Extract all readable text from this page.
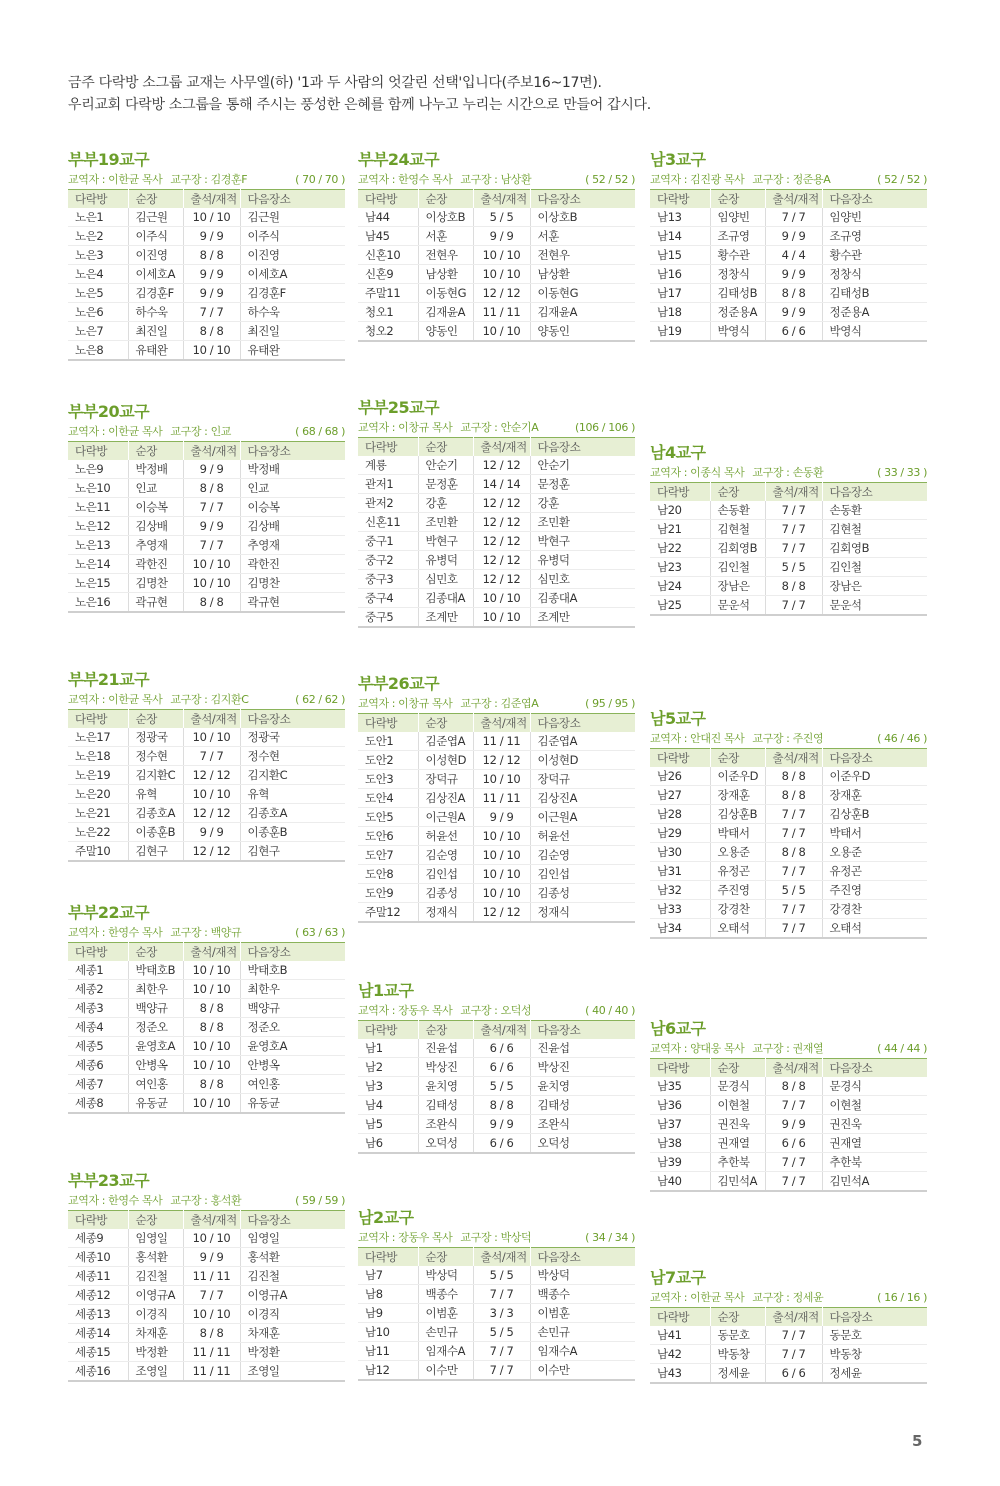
금주 다락방 소그룹 교재는 사무엘(하) '1과 두 사람의 엇갈린 선택'입니다(주보16~17면).
우리교회 다락방 소그룹을 통해 주시는 풍성한 은혜를 함께 나누고 누리는 시간으로 만들어 갑시다.
부부19교구
교역자 : 이한균 목사 교구장 : 김경훈F	( 70 / 70 )
다락방	순장	출석/재적	다음장소
노은1	김근원	10 / 10	김근원
노은2	이주식	9 / 9	이주식
노은3	이진영	8 / 8	이진영
노은4	이세호A	9 / 9	이세호A
노은5	김경훈F	9 / 9	김경훈F
노은6	하수욱	7 / 7	하수욱
노은7	최진일	8 / 8	최진일
노은8	유태완	10 / 10	유태완
부부20교구
교역자 : 이한균 목사 교구장 : 인교	( 68 / 68 )
다락방	순장	출석/재적	다음장소
노은9	박정배	9 / 9	박정배
노은10	인교	8 / 8	인교
노은11	이승복	7 / 7	이승복
노은12	김상배	9 / 9	김상배
노은13	추영재	7 / 7	추영재
노은14	곽한진	10 / 10	곽한진
노은15	김명찬	10 / 10	김명찬
노은16	곽규현	8 / 8	곽규현
부부21교구
교역자 : 이한균 목사 교구장 : 김지환C	( 62 / 62 )
다락방	순장	출석/재적	다음장소
노은17	정광국	10 / 10	정광국
노은18	정수현	7 / 7	정수현
노은19	김지환C	12 / 12	김지환C
노은20	유혁	10 / 10	유혁
노은21	김종호A	12 / 12	김종호A
노은22	이종훈B	9 / 9	이종훈B
주말10	김현구	12 / 12	김현구
부부22교구
교역자 : 한영수 목사 교구장 : 백양규	( 63 / 63 )
다락방	순장	출석/재적	다음장소
세종1	박태호B	10 / 10	박태호B
세종2	최한우	10 / 10	최한우
세종3	백양규	8 / 8	백양규
세종4	정준오	8 / 8	정준오
세종5	윤영호A	10 / 10	윤영호A
세종6	안병옥	10 / 10	안병옥
세종7	여인홍	8 / 8	여인홍
세종8	유동균	10 / 10	유동균
부부23교구
교역자 : 한영수 목사 교구장 : 홍석환	( 59 / 59 )
다락방	순장	출석/재적	다음장소
세종9	임영일	10 / 10	임영일
세종10	홍석환	9 / 9	홍석환
세종11	김진철	11 / 11	김진철
세종12	이영규A	7 / 7	이영규A
세종13	이경직	10 / 10	이경직
세종14	차재훈	8 / 8	차재훈
세종15	박정환	11 / 11	박정환
세종16	조영일	11 / 11	조영일
부부24교구
교역자 : 한영수 목사 교구장 : 남상환	( 52 / 52 )
다락방	순장	출석/재적	다음장소
남44	이상호B	5 / 5	이상호B
남45	서훈	9 / 9	서훈
신혼10	전현우	10 / 10	전현우
신혼9	남상환	10 / 10	남상환
주말11	이동현G	12 / 12	이동현G
청오1	김재윤A	11 / 11	김재윤A
청오2	양동인	10 / 10	양동인
부부25교구
교역자 : 이창규 목사 교구장 : 안순기A	(106 / 106 )
다락방	순장	출석/재적	다음장소
계룡	안순기	12 / 12	안순기
관저1	문정훈	14 / 14	문정훈
관저2	강훈	12 / 12	강훈
신혼11	조민환	12 / 12	조민환
중구1	박현구	12 / 12	박현구
중구2	유병덕	12 / 12	유병덕
중구3	심민호	12 / 12	심민호
중구4	김종대A	10 / 10	김종대A
중구5	조계만	10 / 10	조계만
부부26교구
교역자 : 이창규 목사 교구장 : 김준엽A	( 95 / 95 )
다락방	순장	출석/재적	다음장소
도안1	김준엽A	11 / 11	김준엽A
도안2	이성현D	12 / 12	이성현D
도안3	장덕규	10 / 10	장덕규
도안4	김상진A	11 / 11	김상진A
도안5	이근원A	9 / 9	이근원A
도안6	허윤선	10 / 10	허윤선
도안7	김순영	10 / 10	김순영
도안8	김인섭	10 / 10	김인섭
도안9	김종성	10 / 10	김종성
주말12	정재식	12 / 12	정재식
남1교구
교역자 : 장동우 목사 교구장 : 오덕성	( 40 / 40 )
다락방	순장	출석/재적	다음장소
남1	진윤섭	6 / 6	진윤섭
남2	박상진	6 / 6	박상진
남3	윤치영	5 / 5	윤치영
남4	김태성	8 / 8	김태성
남5	조완식	9 / 9	조완식
남6	오덕성	6 / 6	오덕성
남2교구
교역자 : 장동우 목사 교구장 : 박상덕	( 34 / 34 )
다락방	순장	출석/재적	다음장소
남7	박상덕	5 / 5	박상덕
남8	백종수	7 / 7	백종수
남9	이범훈	3 / 3	이범훈
남10	손민규	5 / 5	손민규
남11	임재수A	7 / 7	임재수A
남12	이수만	7 / 7	이수만
남3교구
교역자 : 김진광 목사 교구장 : 정준용A	( 52 / 52 )
다락방	순장	출석/재적	다음장소
남13	임양빈	7 / 7	임양빈
남14	조규영	9 / 9	조규영
남15	황수관	4 / 4	황수관
남16	정창식	9 / 9	정창식
남17	김태성B	8 / 8	김태성B
남18	정준용A	9 / 9	정준용A
남19	박영식	6 / 6	박영식
남4교구
교역자 : 이종식 목사 교구장 : 손동환	( 33 / 33 )
다락방	순장	출석/재적	다음장소
남20	손동환	7 / 7	손동환
남21	김현철	7 / 7	김현철
남22	김회영B	7 / 7	김회영B
남23	김인철	5 / 5	김인철
남24	장남은	8 / 8	장남은
남25	문운석	7 / 7	문운석
남5교구
교역자 : 안대진 목사 교구장 : 주진영	( 46 / 46 )
다락방	순장	출석/재적	다음장소
남26	이준우D	8 / 8	이준우D
남27	장재훈	8 / 8	장재훈
남28	김상훈B	7 / 7	김상훈B
남29	박태서	7 / 7	박태서
남30	오용준	8 / 8	오용준
남31	유정곤	7 / 7	유정곤
남32	주진영	5 / 5	주진영
남33	강경찬	7 / 7	강경찬
남34	오태석	7 / 7	오태석
남6교구
교역자 : 양대웅 목사 교구장 : 권재열	( 44 / 44 )
다락방	순장	출석/재적	다음장소
남35	문경식	8 / 8	문경식
남36	이현철	7 / 7	이현철
남37	권진욱	9 / 9	권진욱
남38	권재열	6 / 6	권재열
남39	추한북	7 / 7	추한북
남40	김민석A	7 / 7	김민석A
남7교구
교역자 : 이한균 목사 교구장 : 정세윤	( 16 / 16 )
다락방	순장	출석/재적	다음장소
남41	동문호	7 / 7	동문호
남42	박동창	7 / 7	박동창
남43	정세윤	6 / 6	정세윤
5
